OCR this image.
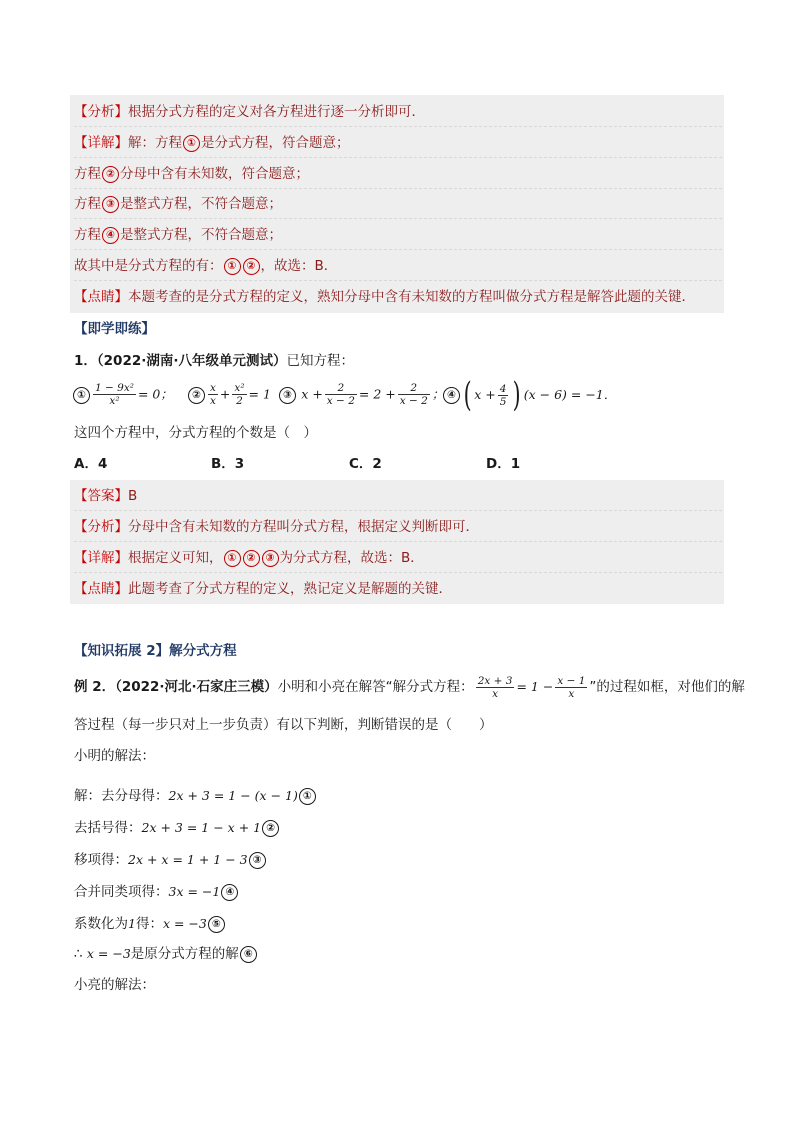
【分析】根据分式方程的定义对各方程进行逐一分析即可．
【详解】解：方程 ① 是分式方程，符合题意；
方程 ② 分母中含有未知数，符合题意；
方程 ③ 是整式方程，不符合题意；
方程 ④ 是整式方程，不符合题意；
故其中是分式方程的有： ① ② ，故选：B．
【点睛】本题考查的是分式方程的定义，熟知分母中含有未知数的方程叫做分式方程是解答此题的关键．
【即学即练】
1．（2022·湖南·八年级单元测试）已知方程：
① $\frac{\text{1 − 9x²}}{\text{x²}} = 0$；	② $\frac{x}{x} + \frac{\text{x²}}{2} = 1$	③ $x + \frac{2}{x - 2} = 2 + \frac{2}{x - 2}$ ； ④ ( $x + \frac{4}{5}$ ) (x − 6) = −1．
这四个方程中，分式方程的个数是（　）
A．4	B．3	C．2	D．1
【答案】B
【分析】分母中含有未知数的方程叫分式方程，根据定义判断即可．
【详解】根据定义可知， ① ② ③ 为分式方程，故选：B．
【点睛】此题考查了分式方程的定义，熟记定义是解题的关键．
【知识拓展 2】解分式方程
例 2．（2022·河北·石家庄三模）小明和小亮在解答“解分式方程： $\frac{2x + 3}{x} = 1 - \frac{x - 1}{x}$ ”的过程如框，对他们的解
答过程（每一步只对上一步负责）有以下判断，判断错误的是（　　）
小明的解法：
解：去分母得：2x + 3 = 1 − (x − 1) ①
去括号得：2x + 3 = 1 − x + 1 ②
移项得：2x + x = 1 + 1 − 3 ③
合并同类项得：3x = −1 ④
系数化为1得：x = −3 ⑤
∴ x = −3是原分式方程的解 ⑥
小亮的解法：
